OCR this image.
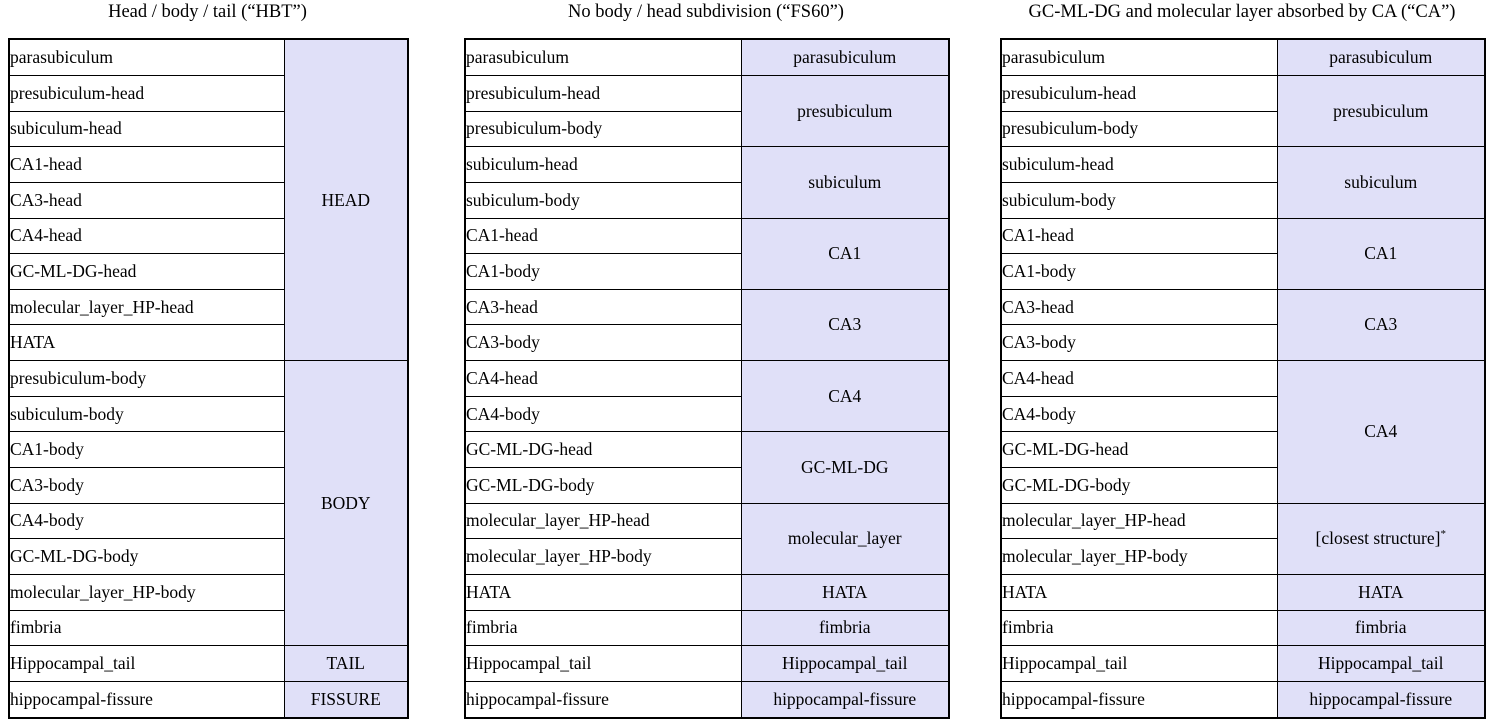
Head / body / tail (“HBT”)	No body / head subdivision (“FS60”)	GC-ML-DG and molecular layer absorbed by CA (“CA”)
parasubiculum	HEAD
presubiculum-head	
subiculum-head	
CA1-head	
CA3-head	
CA4-head	
GC-ML-DG-head	
molecular_layer_HP-head	
HATA	
presubiculum-body	BODY
subiculum-body	
CA1-body	
CA3-body	
CA4-body	
GC-ML-DG-body	
molecular_layer_HP-body	
fimbria	
Hippocampal_tail	TAIL
hippocampal-fissure	FISSURE
parasubiculum	parasubiculum
presubiculum-head	presubiculum
presubiculum-body	
subiculum-head	subiculum
subiculum-body	
CA1-head	CA1
CA1-body	
CA3-head	CA3
CA3-body	
CA4-head	CA4
CA4-body	
GC-ML-DG-head	GC-ML-DG
GC-ML-DG-body	
molecular_layer_HP-head	molecular_layer
molecular_layer_HP-body	
HATA	HATA
fimbria	fimbria
Hippocampal_tail	Hippocampal_tail
hippocampal-fissure	hippocampal-fissure
parasubiculum	parasubiculum
presubiculum-head	presubiculum
presubiculum-body	
subiculum-head	subiculum
subiculum-body	
CA1-head	CA1
CA1-body	
CA3-head	CA3
CA3-body	
CA4-head	CA4
CA4-body	
GC-ML-DG-head	
GC-ML-DG-body	
molecular_layer_HP-head	[closest structure]*
molecular_layer_HP-body	
HATA	HATA
fimbria	fimbria
Hippocampal_tail	Hippocampal_tail
hippocampal-fissure	hippocampal-fissure
